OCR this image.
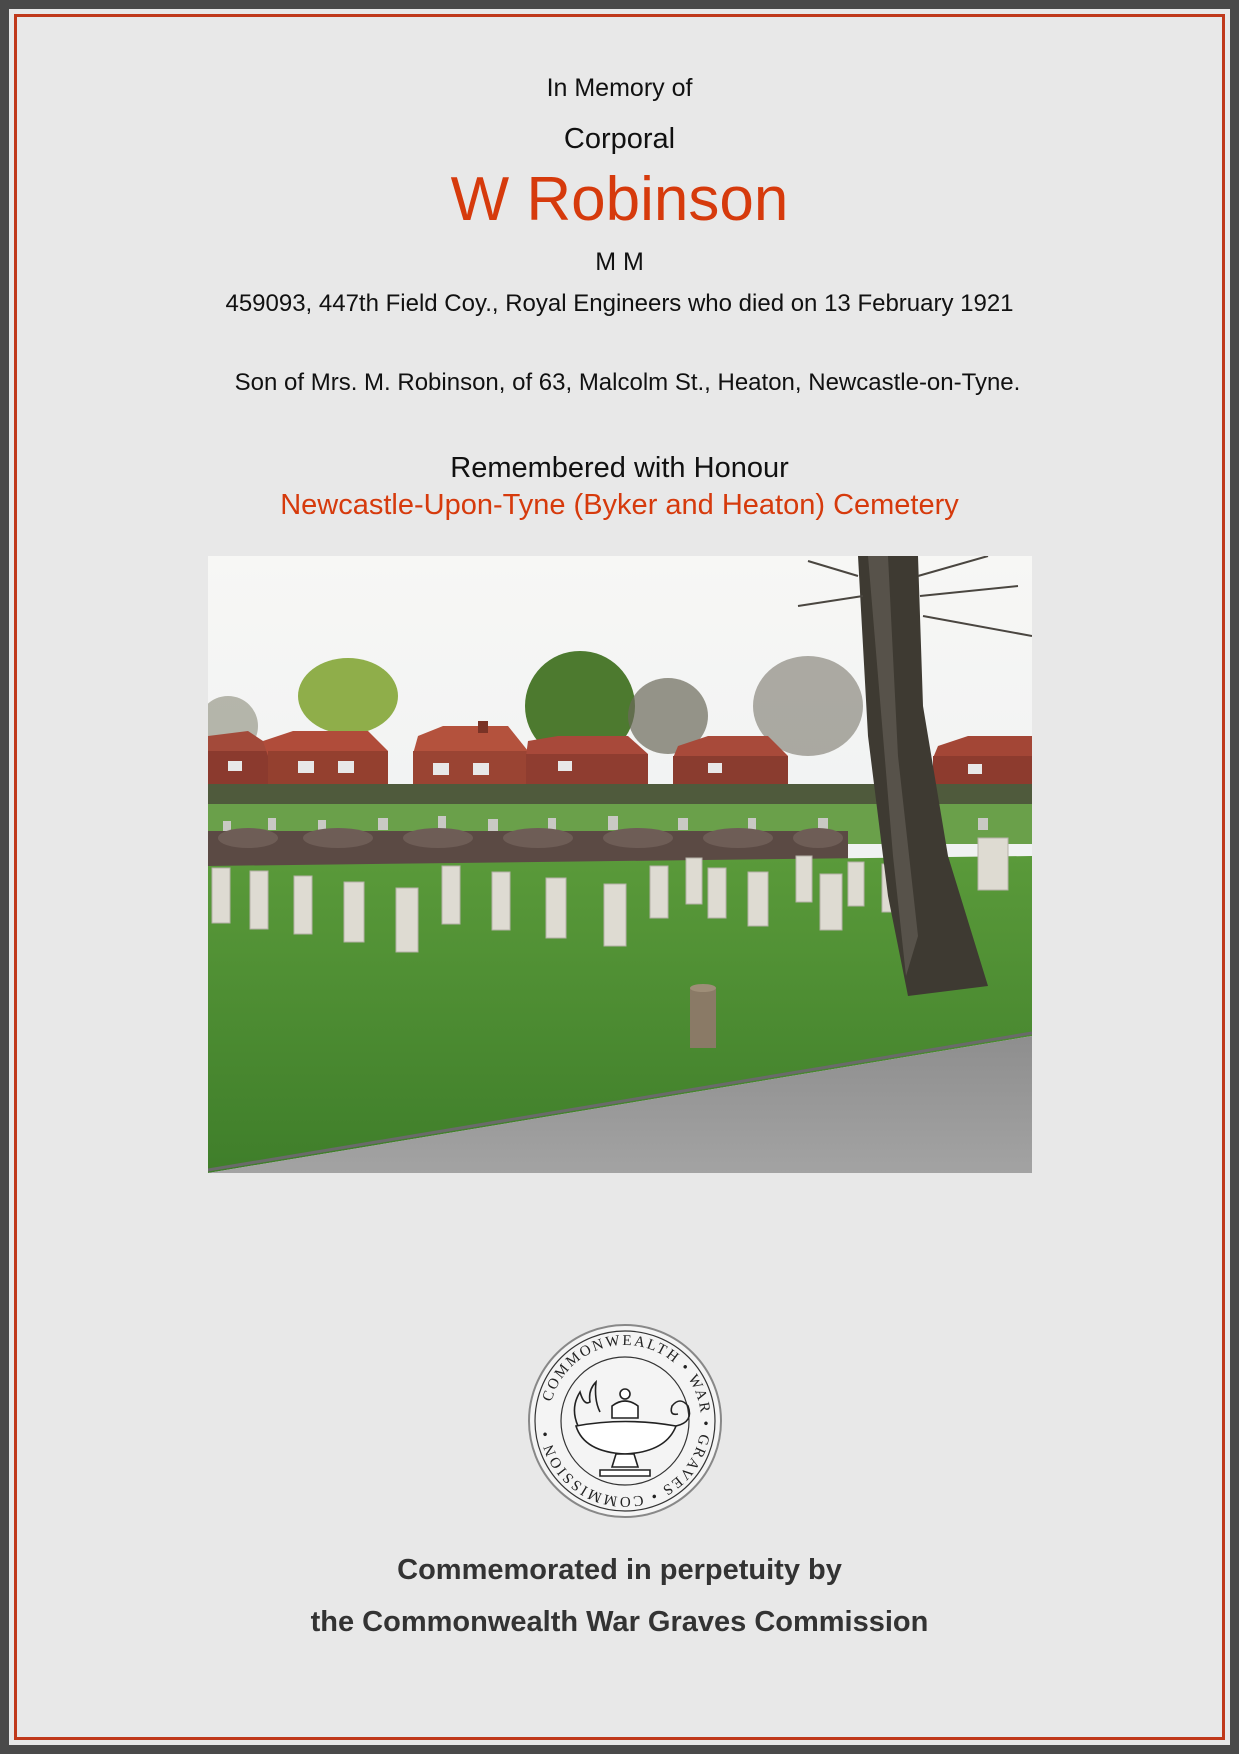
In Memory of
Corporal
W Robinson
M M
459093, 447th Field Coy., Royal Engineers who died on 13 February 1921
Son of Mrs. M. Robinson, of 63, Malcolm St., Heaton, Newcastle-on-Tyne.
Remembered with Honour
Newcastle-Upon-Tyne (Byker and Heaton) Cemetery
COMMONWEALTH • WAR • GRAVES • COMMISSION •
Commemorated in perpetuity by
the Commonwealth War Graves Commission
